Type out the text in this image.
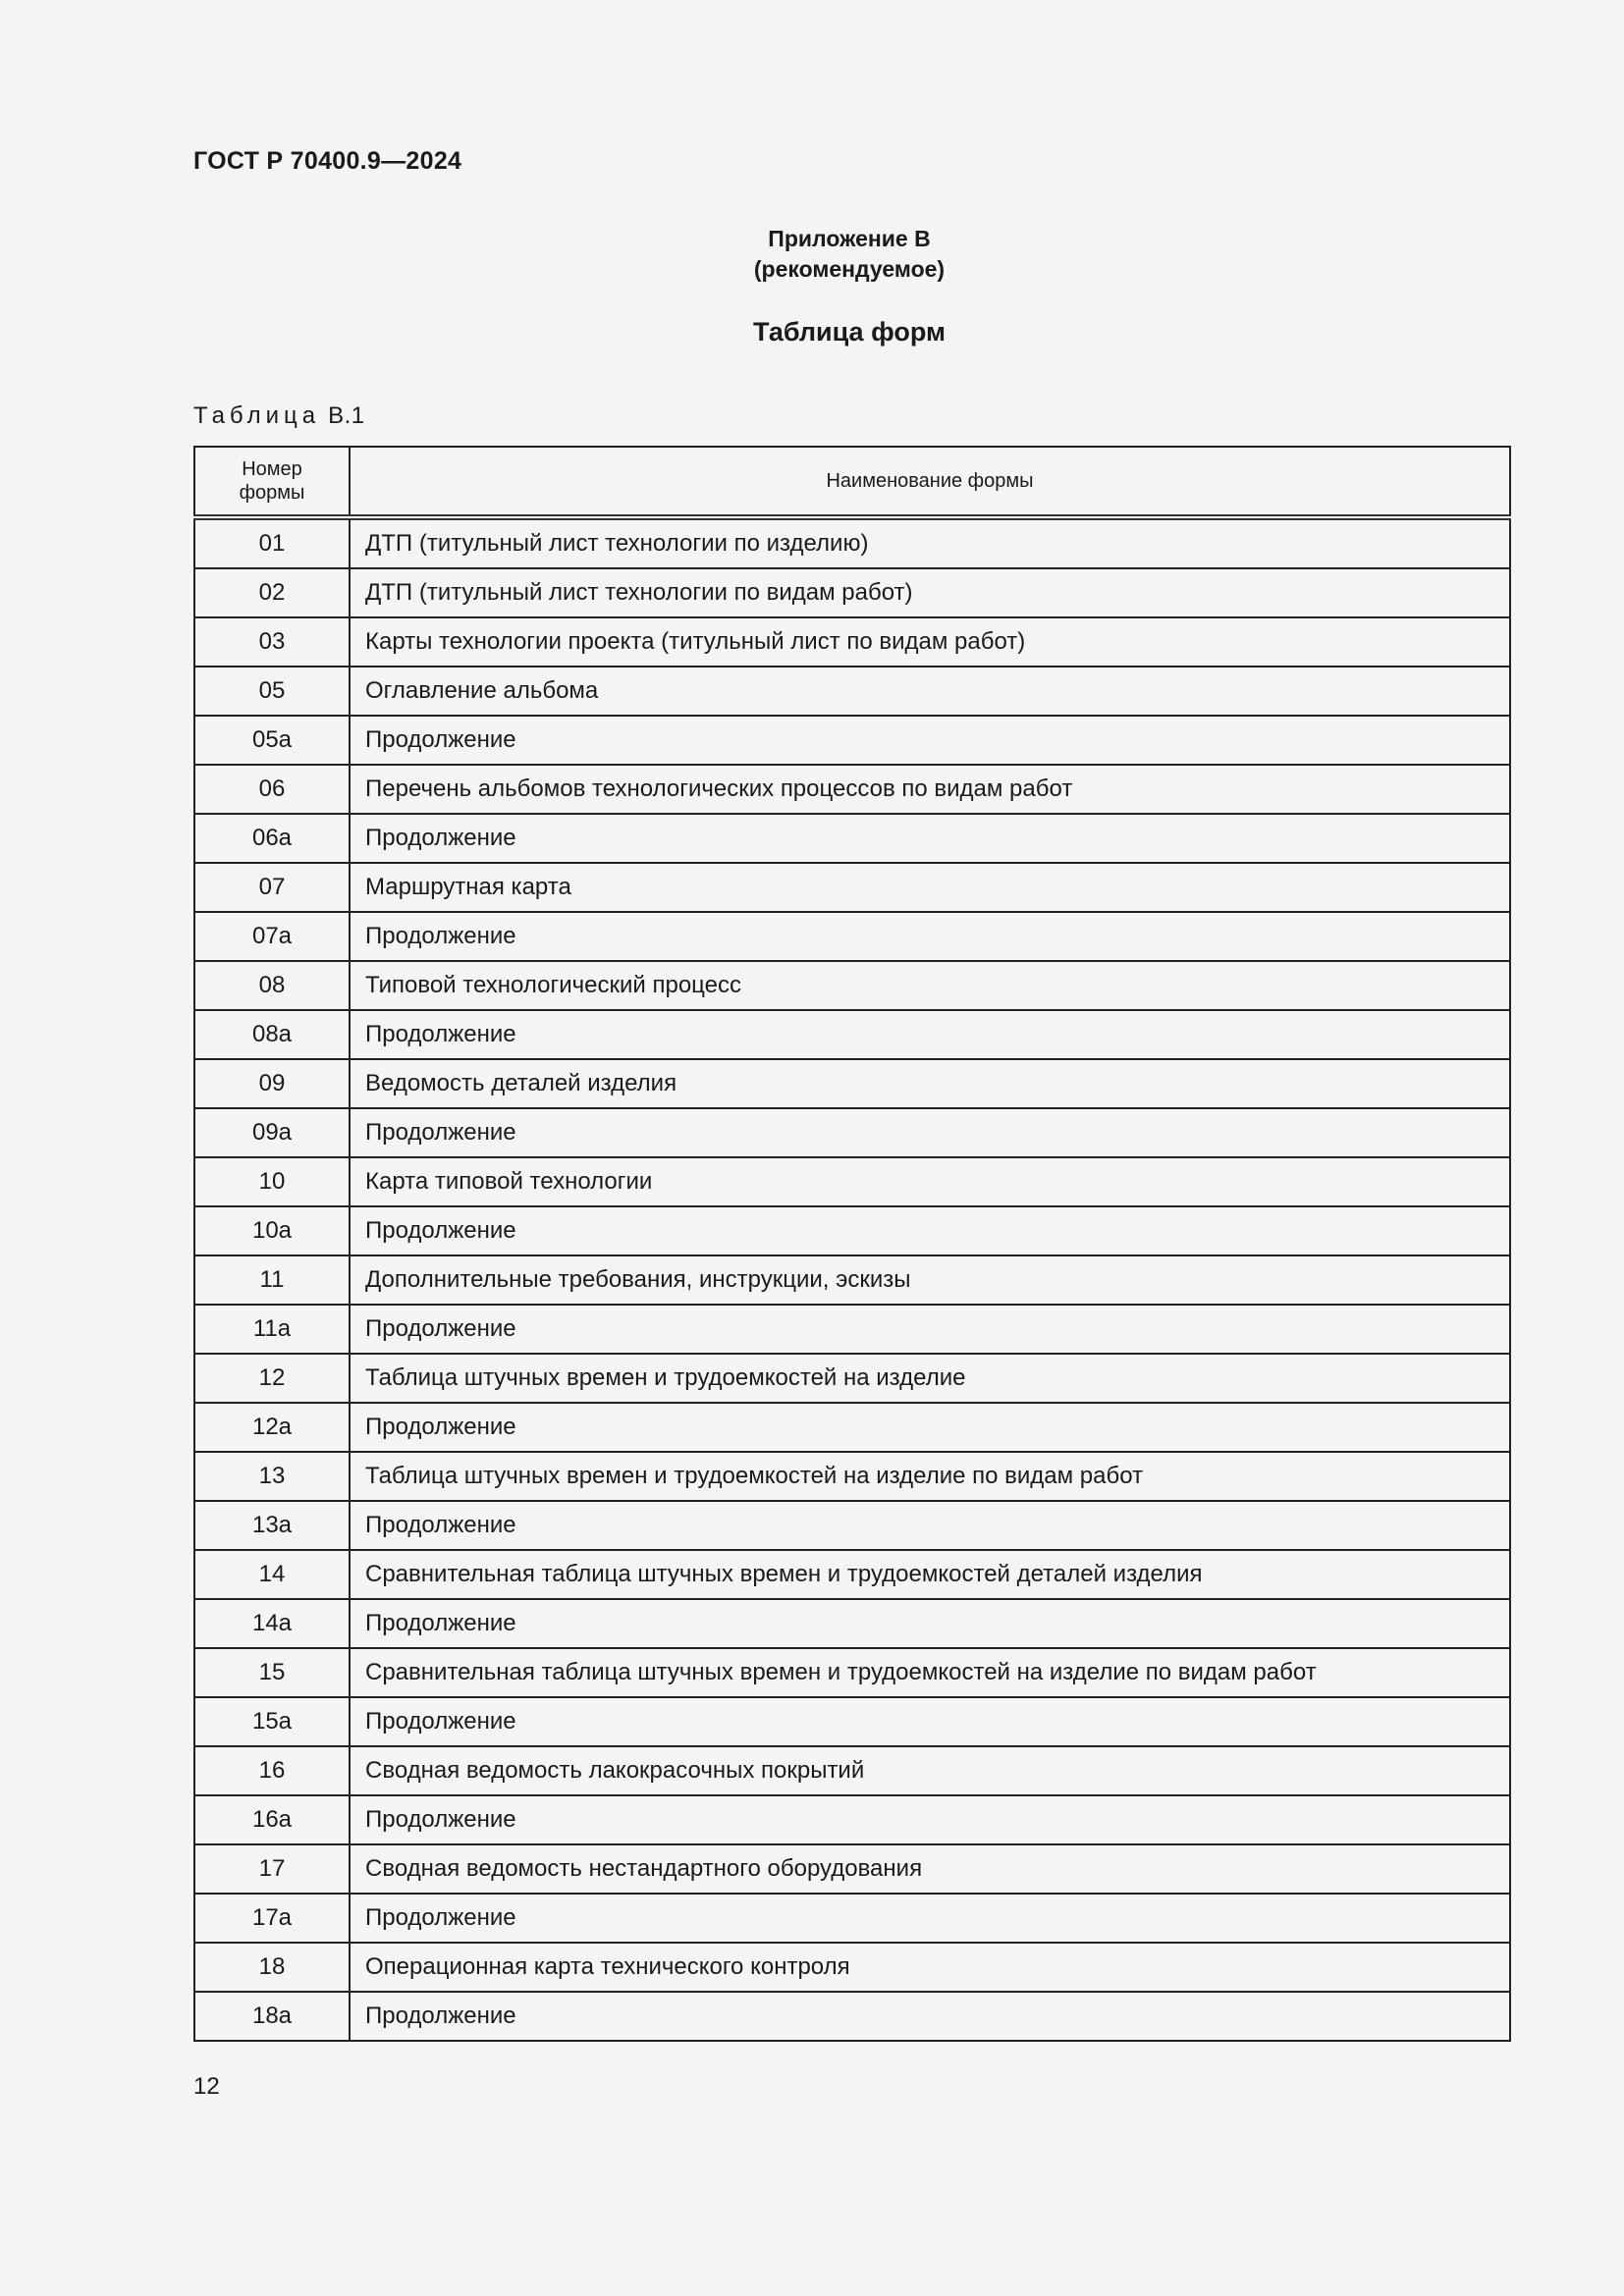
ГОСТ Р 70400.9—2024
Приложение В
(рекомендуемое)
Таблица форм
Таблица В.1
Номер формы	Наименование формы
01	ДТП (титульный лист технологии по изделию)
02	ДТП (титульный лист технологии по видам работ)
03	Карты технологии проекта (титульный лист по видам работ)
05	Оглавление альбома
05а	Продолжение
06	Перечень альбомов технологических процессов по видам работ
06а	Продолжение
07	Маршрутная карта
07а	Продолжение
08	Типовой технологический процесс
08а	Продолжение
09	Ведомость деталей изделия
09а	Продолжение
10	Карта типовой технологии
10а	Продолжение
11	Дополнительные требования, инструкции, эскизы
11а	Продолжение
12	Таблица штучных времен и трудоемкостей на изделие
12а	Продолжение
13	Таблица штучных времен и трудоемкостей на изделие по видам работ
13а	Продолжение
14	Сравнительная таблица штучных времен и трудоемкостей деталей изделия
14а	Продолжение
15	Сравнительная таблица штучных времен и трудоемкостей на изделие по видам работ
15а	Продолжение
16	Сводная ведомость лакокрасочных покрытий
16а	Продолжение
17	Сводная ведомость нестандартного оборудования
17а	Продолжение
18	Операционная карта технического контроля
18а	Продолжение
12
